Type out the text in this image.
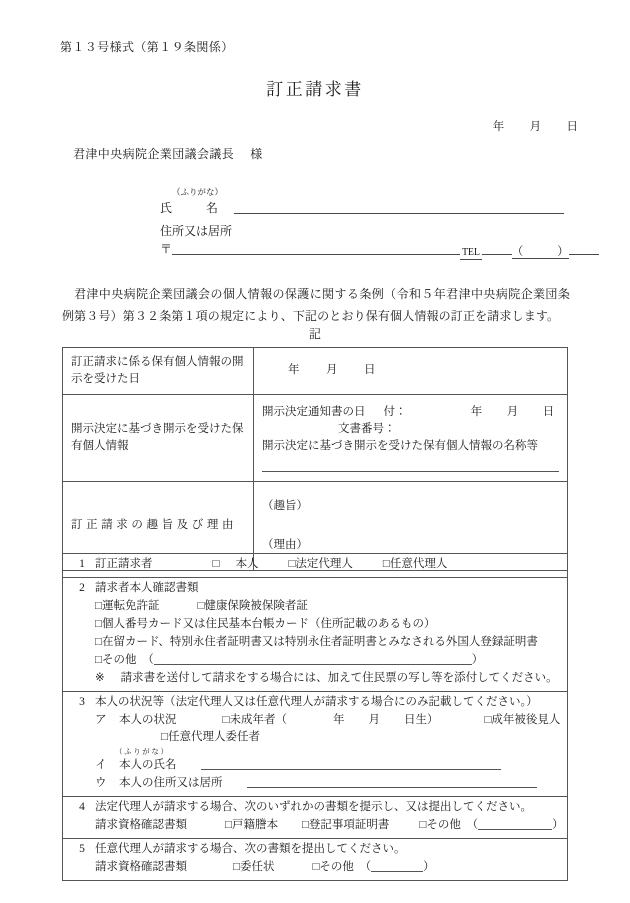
第１３号様式（第１９条関係）
訂正請求書
年 月 日
君津中央病院企業団議会議長 様
（ふりがな）
氏	名
住所又は居所
〒	TEL	（	）
君津中央病院企業団議会の個人情報の保護に関する条例（令和５年君津中央病院企業団条例第３号）第３２条第１項の規定により、下記のとおり保有個人情報の訂正を請求します。
記
訂正請求に係る保有個人情報の開示を受けた日	年 月 日

開示決定に基づき開示を受けた保有個人情報	開示決定通知書の日 付： 年 月 日
文書番号：
開示決定に基づき開示を受けた保有個人情報の名称等

訂正請求の趣旨及び理由	（趣旨）
（理由）
1 訂正請求者	□ 本人	□法定代理人	□任意代理人

2 請求者本人確認書類
□運転免許証	□健康保険被保険者証
□個人番号カード又は住民基本台帳カード（住所記載のあるもの）
□在留カード、特別永住者証明書又は特別永住者証明書とみなされる外国人登録証明書
□その他　（	）
※ 請求書を送付して請求をする場合には、加えて住民票の写し等を添付してください。

3 本人の状況等（法定代理人又は任意代理人が請求する場合にのみ記載してください。）
ア 本人の状況	□未成年者（	年 月 日生）	□成年被後見人
□任意代理人委任者
（ふりがな）
イ 本人の氏名
ウ 本人の住所又は居所

4 法定代理人が請求する場合、次のいずれかの書類を提示し、又は提出してください。
請求資格確認書類	□戸籍謄本 □登記事項証明書	□その他　（	）

5 任意代理人が請求する場合、次の書類を提出してください。
請求資格確認書類	□委任状	□その他　（	）
